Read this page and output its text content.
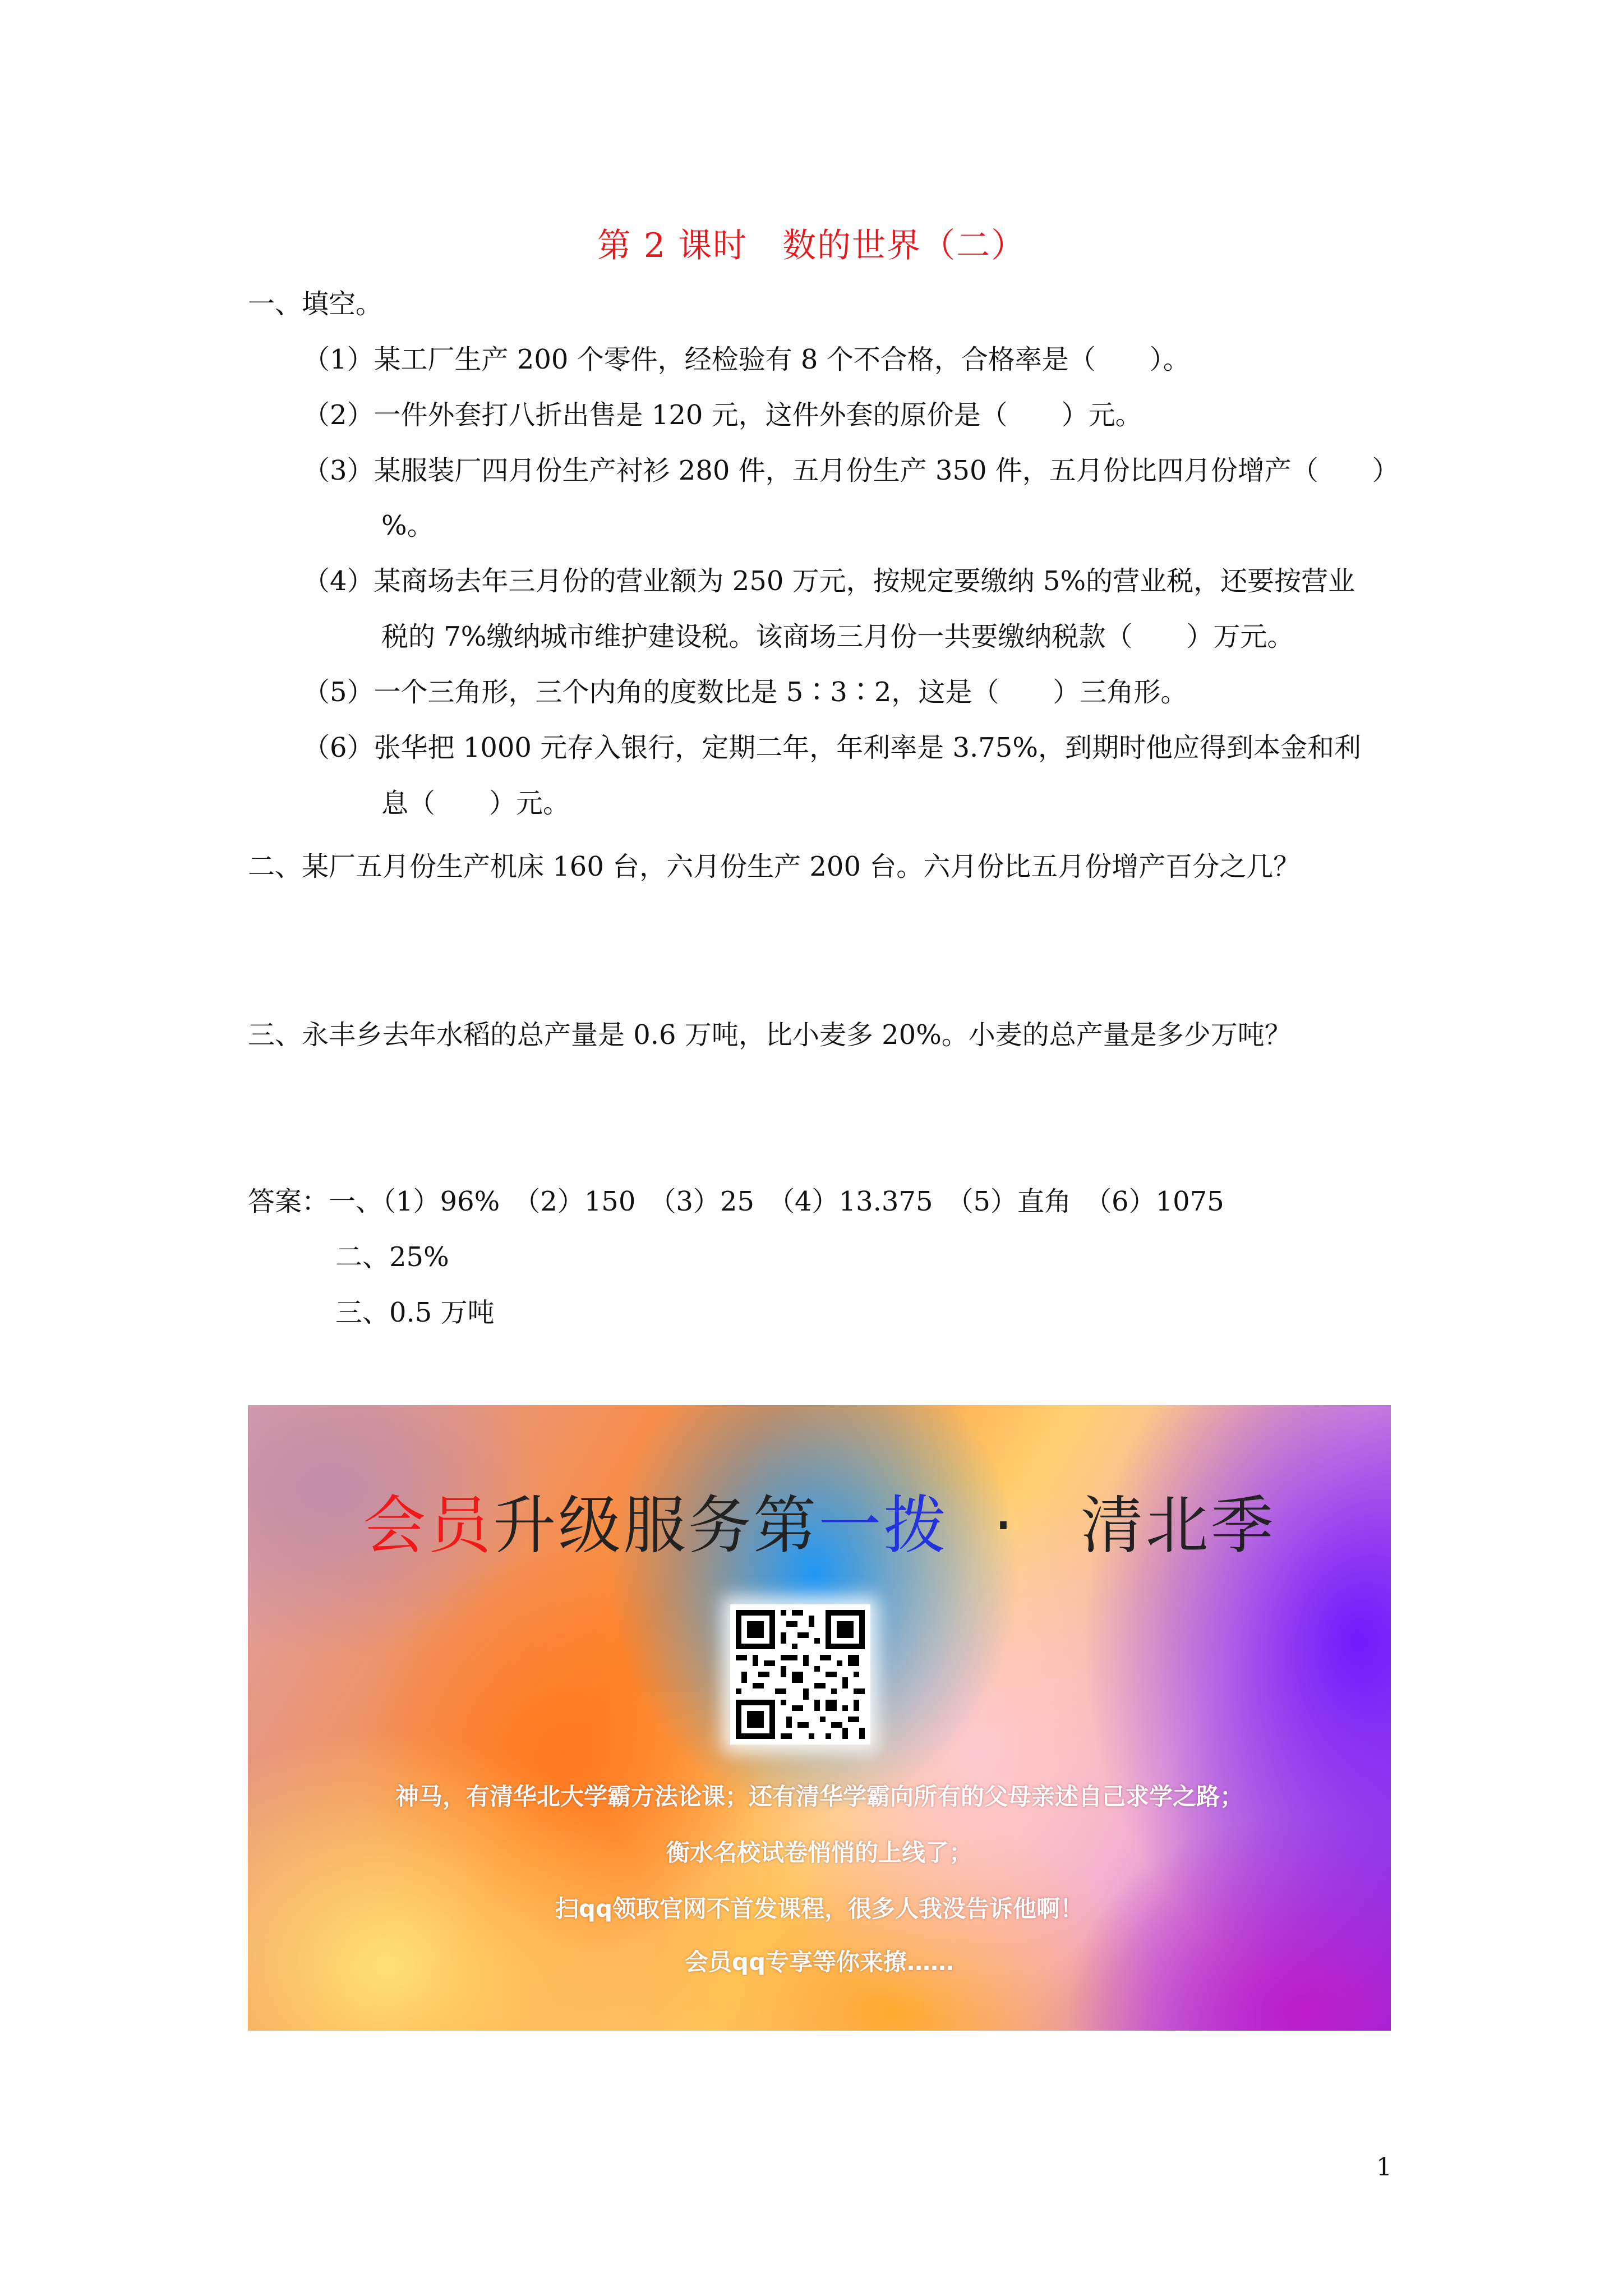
第 2 课时　数的世界（二）
一、填空。
（1）某工厂生产 200 个零件，经检验有 8 个不合格，合格率是（　　）。
（2）一件外套打八折出售是 120 元，这件外套的原价是（　　）元。
（3）某服装厂四月份生产衬衫 280 件，五月份生产 350 件，五月份比四月份增产（　　）
%。
（4）某商场去年三月份的营业额为 250 万元，按规定要缴纳 5%的营业税，还要按营业
税的 7%缴纳城市维护建设税。该商场三月份一共要缴纳税款（　　）万元。
（5）一个三角形，三个内角的度数比是 5∶3∶2，这是（　　）三角形。
（6）张华把 1000 元存入银行，定期二年，年利率是 3.75%，到期时他应得到本金和利
息（　　）元。
二、某厂五月份生产机床 160 台，六月份生产 200 台。六月份比五月份增产百分之几？
三、永丰乡去年水稻的总产量是 0.6 万吨，比小麦多 20%。小麦的总产量是多少万吨？
答案：一、（1）96%　（2）150　（3）25　（4）13.375　（5）直角　（6）1075
二、25%
三、0.5 万吨
会员升级服务第一拨 ·　清北季
神马，有清华北大学霸方法论课；还有清华学霸向所有的父母亲述自己求学之路；
衡水名校试卷悄悄的上线了；
扫qq领取官网不首发课程，很多人我没告诉他啊！
会员qq专享等你来撩……
1
